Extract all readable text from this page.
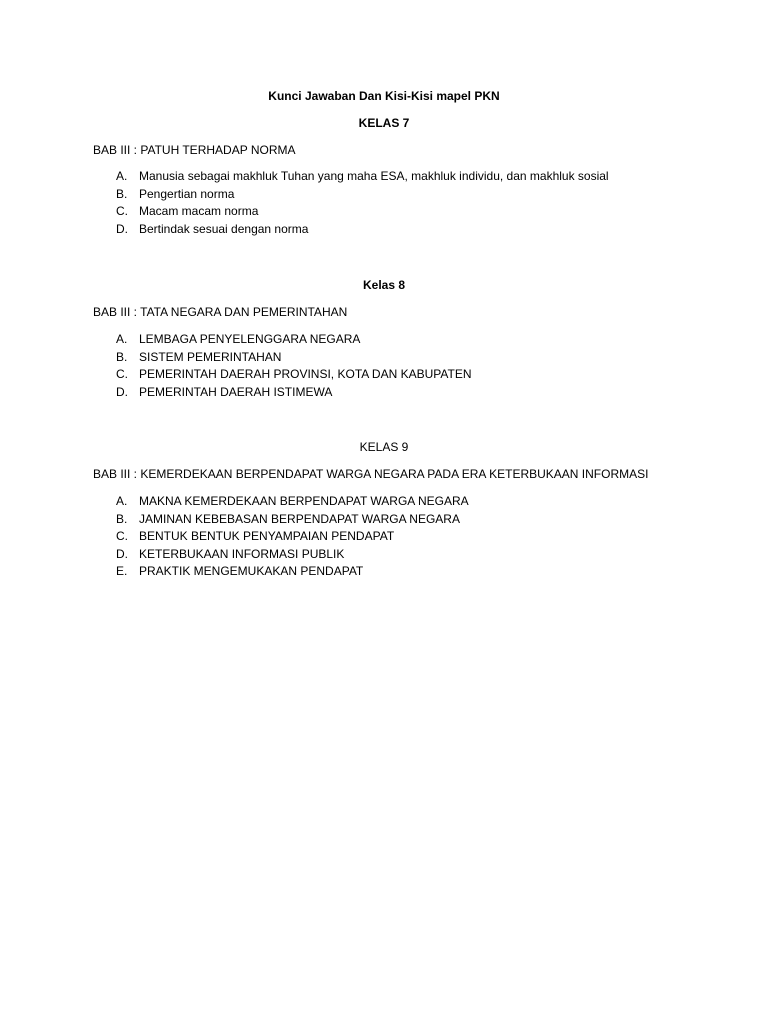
Kunci Jawaban Dan Kisi-Kisi mapel PKN
KELAS 7
BAB III : PATUH TERHADAP NORMA
A. Manusia sebagai makhluk Tuhan yang maha ESA, makhluk individu, dan makhluk sosial
B. Pengertian norma
C. Macam macam norma
D. Bertindak sesuai dengan norma
Kelas 8
BAB III : TATA NEGARA DAN PEMERINTAHAN
A. LEMBAGA PENYELENGGARA NEGARA
B. SISTEM PEMERINTAHAN
C. PEMERINTAH DAERAH PROVINSI, KOTA DAN KABUPATEN
D. PEMERINTAH DAERAH ISTIMEWA
KELAS 9
BAB III : KEMERDEKAAN BERPENDAPAT WARGA NEGARA PADA ERA KETERBUKAAN INFORMASI
A. MAKNA KEMERDEKAAN BERPENDAPAT WARGA NEGARA
B. JAMINAN KEBEBASAN BERPENDAPAT WARGA NEGARA
C. BENTUK BENTUK PENYAMPAIAN PENDAPAT
D. KETERBUKAAN INFORMASI PUBLIK
E. PRAKTIK MENGEMUKAKAN PENDAPAT
